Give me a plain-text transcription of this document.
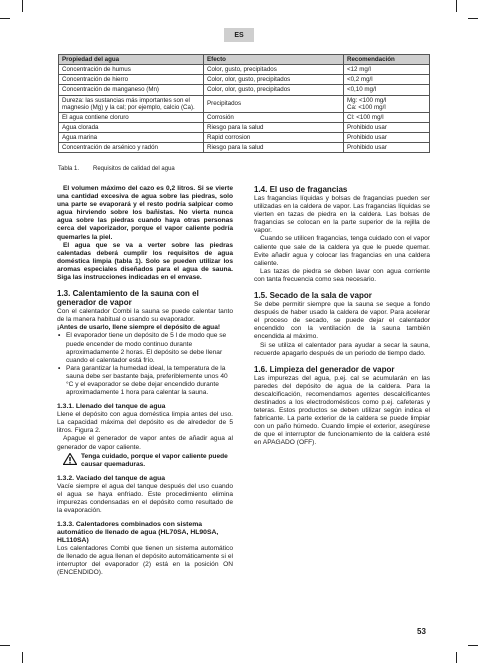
ES
Propiedad del agua	Efecto	Recomendación
Concentración de humus	Color, gusto, precipitados	<12 mg/l
Concentración de hierro	Color, olor, gusto, precipitados	<0,2 mg/l
Concentración de manganeso (Mn)	Color, olor, gusto, precipitados	<0,10 mg/l
Dureza: las sustancias más importantes son el magnesio (Mg) y la cal; por ejemplo, calcio (Ca).	Precipitados	Mg: <100 mg/l
Ca: <100 mg/l
El agua contiene cloruro	Corrosión	Cl: <100 mg/l
Agua clorada	Riesgo para la salud	Prohibido usar
Agua marina	Rapid corrosion	Prohibido usar
Concentración de arsénico y radón	Riesgo para la salud	Prohibido usar
Tabla 1. Requisitos de calidad del agua

El volumen máximo del cazo es 0,2 litros. Si se vierte una cantidad excesiva de agua sobre las piedras, solo una parte se evaporará y el resto podría salpicar como agua hirviendo sobre los bañistas. No vierta nunca agua sobre las piedras cuando haya otras personas cerca del vaporizador, porque el vapor caliente podría quemarles la piel.

El agua que se va a verter sobre las piedras calentadas deberá cumplir los requisitos de agua doméstica limpia (tabla 1). Solo se pueden utilizar los aromas especiales diseñados para el agua de sauna. Siga las instrucciones indicadas en el envase.

1.3. Calentamiento de la sauna con el generador de vapor

Con el calentador Combi la sauna se puede calentar tanto de la manera habitual o usando su evaporador.

¡Antes de usarlo, llene siempre el depósito de agua!

• El evaporador tiene un depósito de 5 l de modo que se puede encender de modo continuo durante aproximadamente 2 horas. El depósito se debe llenar cuando el calentador está frío.
• Para garantizar la humedad ideal, la temperatura de la sauna debe ser bastante baja, preferiblemente unos 40 °C y el evaporador se debe dejar encendido durante aproximadamente 1 hora para calentar la sauna.
1.3.1. Llenado del tanque de agua

Llene el depósito con agua doméstica limpia antes del uso. La capacidad máxima del depósito es de alrededor de 5 litros. Figura 2.

Apague el generador de vapor antes de añadir agua al generador de vapor caliente.

Tenga cuidado, porque el vapor caliente puede causar quemaduras.
1.3.2. Vaciado del tanque de agua

Vacíe siempre el agua del tanque después del uso cuando el agua se haya enfriado. Este procedimiento elimina impurezas condensadas en el depósito como resultado de la evaporación.

1.3.3. Calentadores combinados con sistema automático de llenado de agua (HL70SA, HL90SA, HL110SA)

Los calentadores Combi que tienen un sistema automático de llenado de agua llenan el depósito automáticamente si el interruptor del evaporador (2) está en la posición ON (ENCENDIDO).

1.4. El uso de fragancias

Las fragancias líquidas y bolsas de fragancias pueden ser utilizadas en la caldera de vapor. Las fragancias líquidas se vierten en tazas de piedra en la caldera. Las bolsas de fragancias se colocan en la parte superior de la rejilla de vapor.

Cuando se utilicen fragancias, tenga cuidado con el vapor caliente que sale de la caldera ya que le puede quemar. Evite añadir agua y colocar las fragancias en una caldera caliente.

Las tazas de piedra se deben lavar con agua corriente con tanta frecuencia como sea necesario.

1.5. Secado de la sala de vapor

Se debe permitir siempre que la sauna se seque a fondo después de haber usado la caldera de vapor. Para acelerar el proceso de secado, se puede dejar el calentador encendido con la ventilación de la sauna también encendida al máximo.

Si se utiliza el calentador para ayudar a secar la sauna, recuerde apagarlo después de un periodo de tiempo dado.

1.6. Limpieza del generador de vapor

Las impurezas del agua, p.ej. cal se acumularán en las paredes del depósito de agua de la caldera. Para la descalcificación, recomendamos agentes descalcificantes destinados a los electrodomésticos como p.ej. cafeteras y teteras. Estos productos se deben utilizar según indica el fabricante. La parte exterior de la caldera se puede limpiar con un paño húmedo. Cuando limpie el exterior, asegúrese de que el interruptor de funcionamiento de la caldera esté en APAGADO (OFF).

53
